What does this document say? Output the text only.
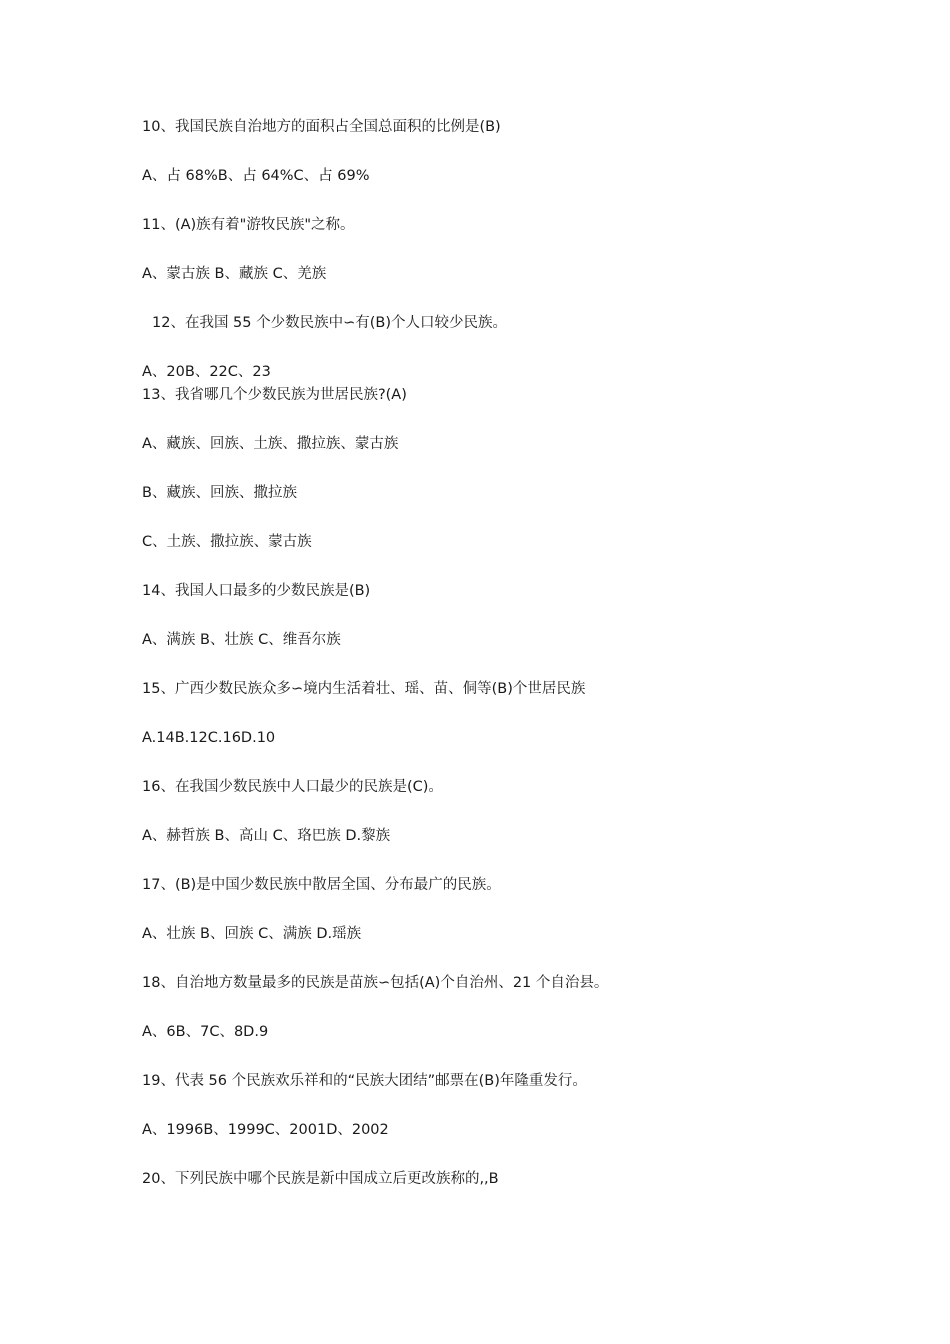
10、我国民族自治地方的面积占全国总面积的比例是(B)
A、占 68%B、占 64%C、占 69%
11、(A)族有着"游牧民族"之称。
A、蒙古族 B、藏族 C、羌族
12、在我国 55 个少数民族中∽有(B)个人口较少民族。
A、20B、22C、23
13、我省哪几个少数民族为世居民族?(A)
A、藏族、回族、土族、撒拉族、蒙古族
B、藏族、回族、撒拉族
C、土族、撒拉族、蒙古族
14、我国人口最多的少数民族是(B)
A、满族 B、壮族 C、维吾尔族
15、广西少数民族众多∽境内生活着壮、瑶、苗、侗等(B)个世居民族
A.14B.12C.16D.10
16、在我国少数民族中人口最少的民族是(C)。
A、赫哲族 B、高山 C、珞巴族 D.黎族
17、(B)是中国少数民族中散居全国、分布最广的民族。
A、壮族 B、回族 C、满族 D.瑶族
18、自治地方数量最多的民族是苗族∽包括(A)个自治州、21 个自治县。
A、6B、7C、8D.9
19、代表 56 个民族欢乐祥和的“民族大团结”邮票在(B)年隆重发行。
A、1996B、1999C、2001D、2002
20、下列民族中哪个民族是新中国成立后更改族称的,,B
